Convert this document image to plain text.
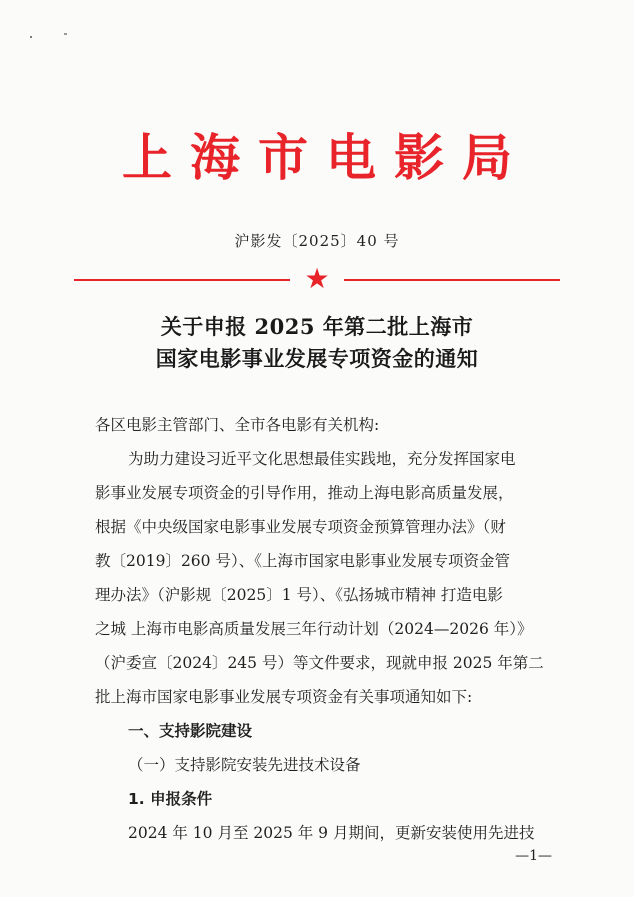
上海市电影局
沪影发〔2025〕40 号
★
关于申报 2025 年第二批上海市
国家电影事业发展专项资金的通知
各区电影主管部门、全市各电影有关机构:
为助力建设习近平文化思想最佳实践地，充分发挥国家电
影事业发展专项资金的引导作用，推动上海电影高质量发展，
根据《中央级国家电影事业发展专项资金预算管理办法》（财
教〔2019〕260 号）、《上海市国家电影事业发展专项资金管
理办法》（沪影规〔2025〕1 号）、《弘扬城市精神 打造电影
之城 上海市电影高质量发展三年行动计划（2024—2026 年）》
（沪委宣〔2024〕245 号）等文件要求，现就申报 2025 年第二
批上海市国家电影事业发展专项资金有关事项通知如下:
一、支持影院建设
（一）支持影院安装先进技术设备
1. 申报条件
2024 年 10 月至 2025 年 9 月期间，更新安装使用先进技
—1—
